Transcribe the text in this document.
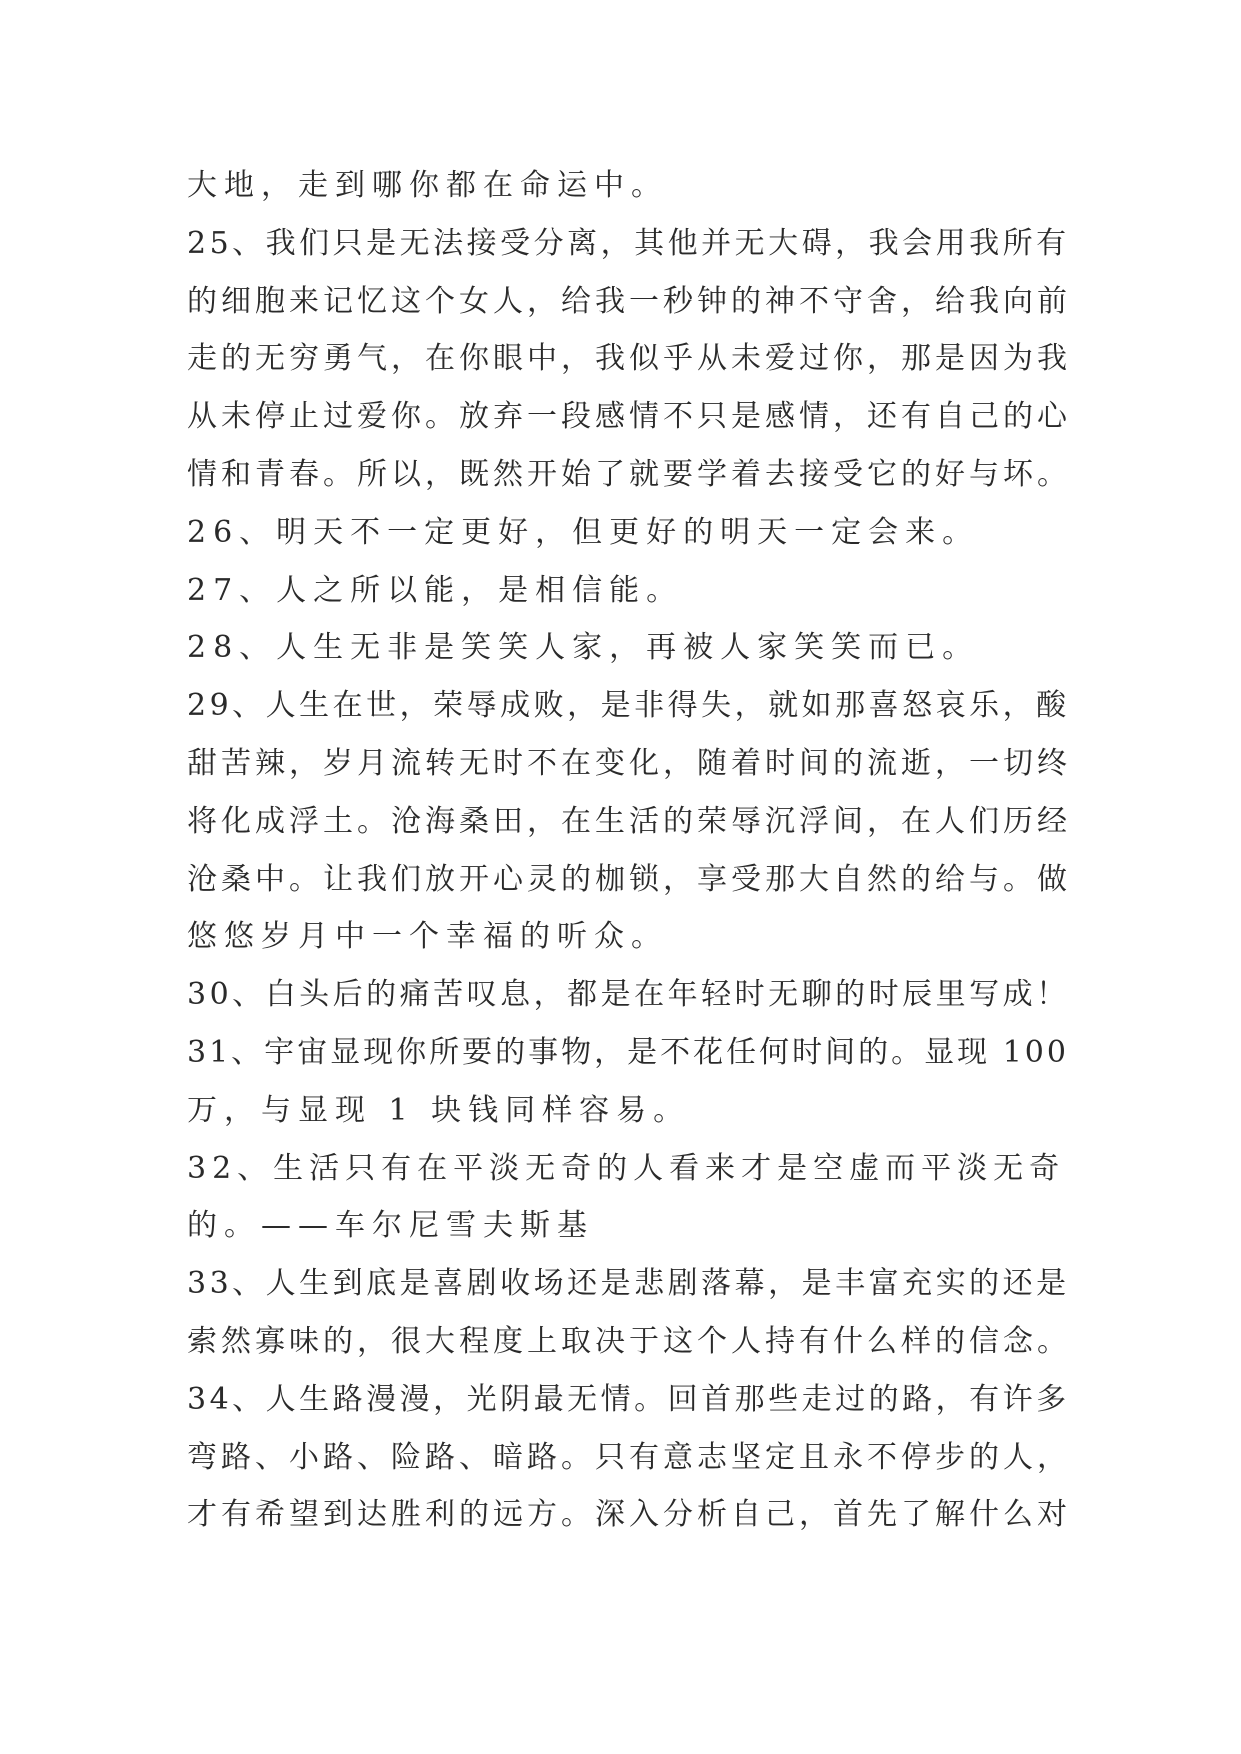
大地，走到哪你都在命运中。
25、我们只是无法接受分离，其他并无大碍，我会用我所有
的细胞来记忆这个女人，给我一秒钟的神不守舍，给我向前
走的无穷勇气，在你眼中，我似乎从未爱过你，那是因为我
从未停止过爱你。放弃一段感情不只是感情，还有自己的心
情和青春。所以，既然开始了就要学着去接受它的好与坏。
26、明天不一定更好，但更好的明天一定会来。
27、人之所以能，是相信能。
28、人生无非是笑笑人家，再被人家笑笑而已。
29、人生在世，荣辱成败，是非得失，就如那喜怒哀乐，酸
甜苦辣，岁月流转无时不在变化，随着时间的流逝，一切终
将化成浮土。沧海桑田，在生活的荣辱沉浮间，在人们历经
沧桑中。让我们放开心灵的枷锁，享受那大自然的给与。做
悠悠岁月中一个幸福的听众。
30、白头后的痛苦叹息，都是在年轻时无聊的时辰里写成！
31、宇宙显现你所要的事物，是不花任何时间的。显现 100
万，与显现 1 块钱同样容易。
32、生活只有在平淡无奇的人看来才是空虚而平淡无奇
的。——车尔尼雪夫斯基
33、人生到底是喜剧收场还是悲剧落幕，是丰富充实的还是
索然寡味的，很大程度上取决于这个人持有什么样的信念。
34、人生路漫漫，光阴最无情。回首那些走过的路，有许多
弯路、小路、险路、暗路。只有意志坚定且永不停步的人，
才有希望到达胜利的远方。深入分析自己，首先了解什么对
